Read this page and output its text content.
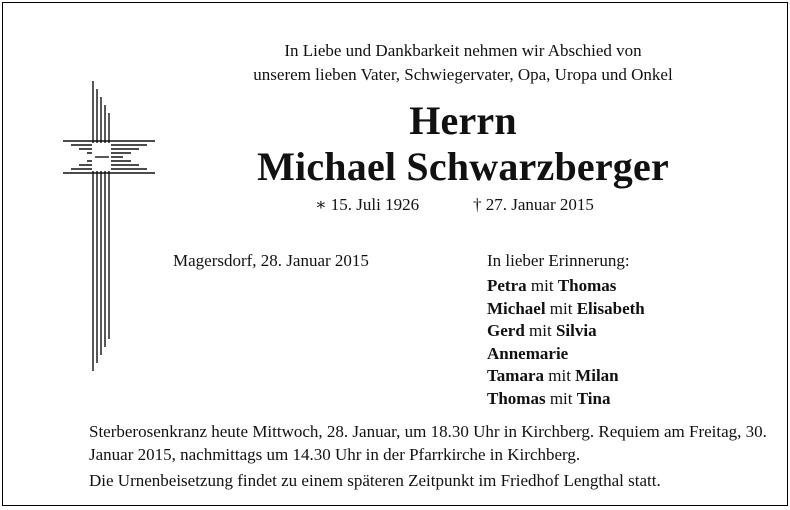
In Liebe und Dankbarkeit nehmen wir Abschied von
unserem lieben Vater, Schwiegervater, Opa, Uropa und Onkel
Herrn
Michael Schwarzberger
∗ 15. Juli 1926	† 27. Januar 2015
Magersdorf, 28. Januar 2015	In lieber Erinnerung:
Petra mit Thomas
Michael mit Elisabeth
Gerd mit Silvia
Annemarie
Tamara mit Milan
Thomas mit Tina

Sterberosenkranz heute Mittwoch, 28. Januar, um 18.30 Uhr in Kirchberg. Requiem am Freitag, 30. Januar 2015, nachmittags um 14.30 Uhr in der Pfarrkirche in Kirchberg.

Die Urnenbeisetzung findet zu einem späteren Zeitpunkt im Friedhof Lengthal statt.
